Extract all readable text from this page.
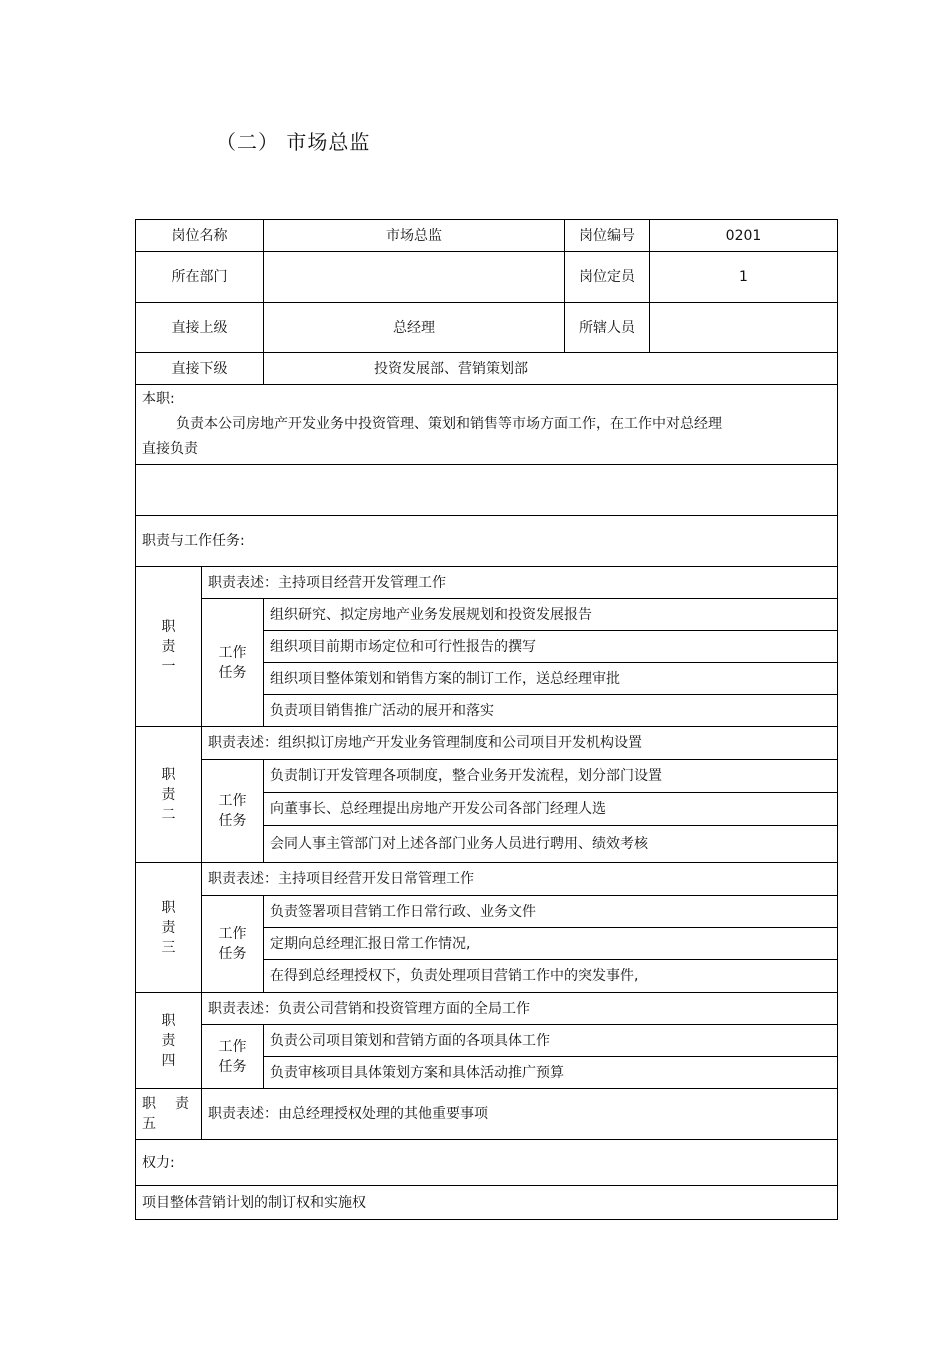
（二） 市场总监
岗位名称		市场总监	岗位编号	0201
所在部门			岗位定员	1
直接上级		总经理	所辖人员	
直接下级		投资发展部、营销策划部		

本职:
负责本公司房地产开发业务中投资管理、策划和销售等市场方面工作，在工作中对总经理
直接负责				

职责与工作任务:				

职
责
一	职责表述：主持项目经营开发管理工作			

	工作
任务	组织研究、拟定房地产业务发展规划和投资发展报告		
		组织项目前期市场定位和可行性报告的撰写		
		组织项目整体策划和销售方案的制订工作，送总经理审批		
		负责项目销售推广活动的展开和落实		

职
责
二	职责表述：组织拟订房地产开发业务管理制度和公司项目开发机构设置			

	工作
任务	负责制订开发管理各项制度，整合业务开发流程，划分部门设置		
		向董事长、总经理提出房地产开发公司各部门经理人选		
		会同人事主管部门对上述各部门业务人员进行聘用、绩效考核		

职
责
三	职责表述：主持项目经营开发日常管理工作			

	工作
任务	负责签署项目营销工作日常行政、业务文件		
		定期向总经理汇报日常工作情况,		
		在得到总经理授权下，负责处理项目营销工作中的突发事件,		

职
责
四	职责表述：负责公司营销和投资管理方面的全局工作			

	工作
任务	负责公司项目策划和营销方面的各项具体工作		
		负责审核项目具体策划方案和具体活动推广预算		

职 责
五	职责表述：由总经理授权处理的其他重要事项			
权力:				
项目整体营销计划的制订权和实施权				
